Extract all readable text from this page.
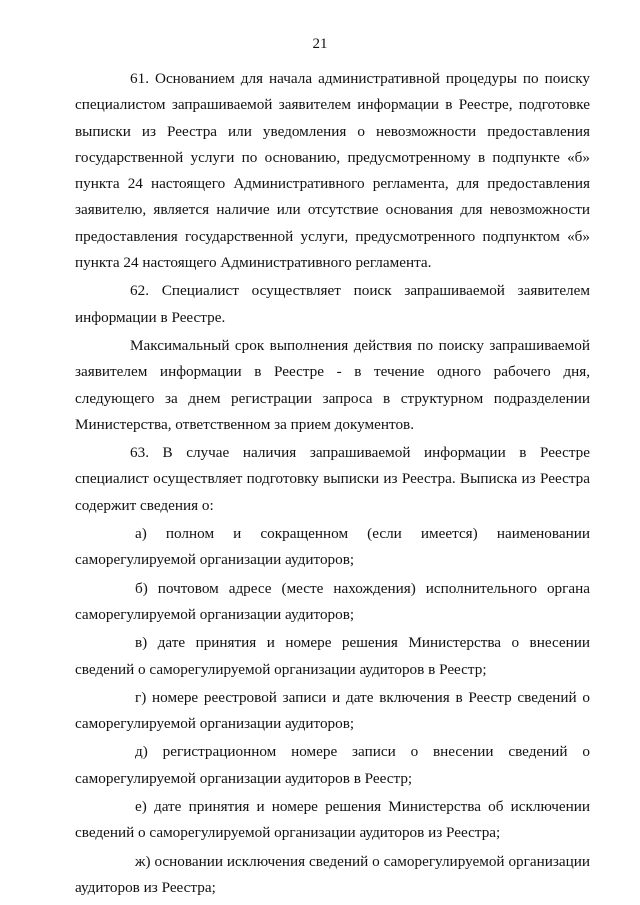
21

61. Основанием для начала административной процедуры по поиску специалистом запрашиваемой заявителем информации в Реестре, подготовке выписки из Реестра или уведомления о невозможности предоставления государственной услуги по основанию, предусмотренному в подпункте «б» пункта 24 настоящего Административного регламента, для предоставления заявителю, является наличие или отсутствие основания для невозможности предоставления государственной услуги, предусмотренного подпунктом «б» пункта 24 настоящего Административного регламента.

62. Специалист осуществляет поиск запрашиваемой заявителем информации в Реестре.

Максимальный срок выполнения действия по поиску запрашиваемой заявителем информации в Реестре - в течение одного рабочего дня, следующего за днем регистрации запроса в структурном подразделении Министерства, ответственном за прием документов.

63. В случае наличия запрашиваемой информации в Реестре специалист осуществляет подготовку выписки из Реестра. Выписка из Реестра содержит сведения о:

а) полном и сокращенном (если имеется) наименовании саморегулируемой организации аудиторов;

б) почтовом адресе (месте нахождения) исполнительного органа саморегулируемой организации аудиторов;

в) дате принятия и номере решения Министерства о внесении сведений о саморегулируемой организации аудиторов в Реестр;

г) номере реестровой записи и дате включения в Реестр сведений о саморегулируемой организации аудиторов;

д) регистрационном номере записи о внесении сведений о саморегулируемой организации аудиторов в Реестр;

е) дате принятия и номере решения Министерства об исключении сведений о саморегулируемой организации аудиторов из Реестра;

ж) основании исключения сведений о саморегулируемой организации аудиторов из Реестра;
